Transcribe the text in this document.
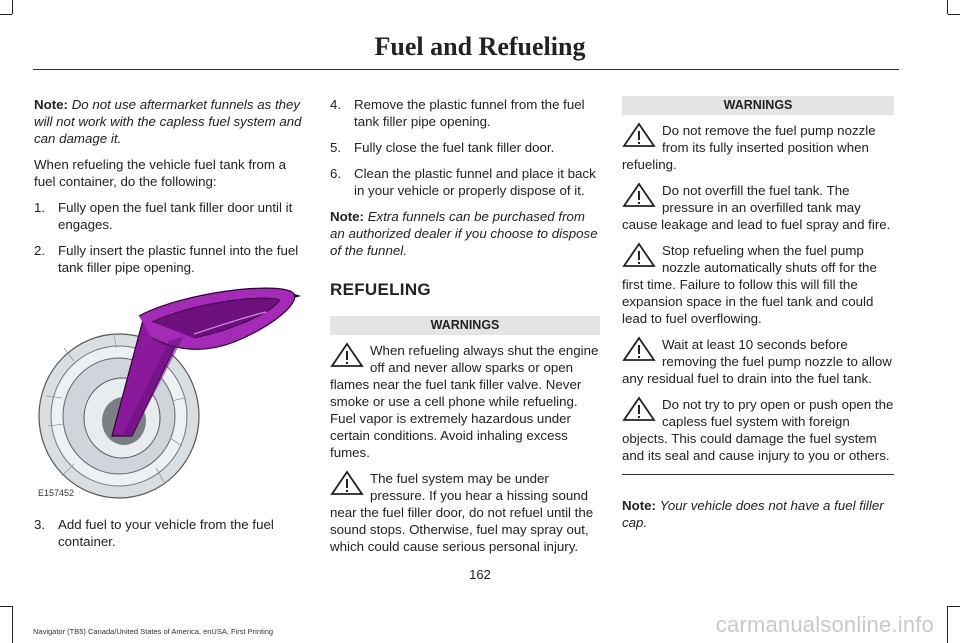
Fuel and Refueling

Note: Do not use aftermarket funnels as they will not work with the capless fuel system and can damage it.

When refueling the vehicle fuel tank from a fuel container, do the following:

1. Fully open the fuel tank filler door until it engages.
2. Fully insert the plastic funnel into the fuel tank filler pipe opening.
E157452
3. Add fuel to your vehicle from the fuel container.
4. Remove the plastic funnel from the fuel tank filler pipe opening.
5. Fully close the fuel tank filler door.
6. Clean the plastic funnel and place it back in your vehicle or properly dispose of it.

Note: Extra funnels can be purchased from an authorized dealer if you choose to dispose of the funnel.

REFUELING
WARNINGS
When refueling always shut the engine off and never allow sparks or open flames near the fuel tank filler valve. Never smoke or use a cell phone while refueling. Fuel vapor is extremely hazardous under certain conditions. Avoid inhaling excess fumes.
The fuel system may be under pressure. If you hear a hissing sound near the fuel filler door, do not refuel until the sound stops. Otherwise, fuel may spray out, which could cause serious personal injury.
WARNINGS
Do not remove the fuel pump nozzle from its fully inserted position when refueling.
Do not overfill the fuel tank. The pressure in an overfilled tank may cause leakage and lead to fuel spray and fire.
Stop refueling when the fuel pump nozzle automatically shuts off for the first time. Failure to follow this will fill the expansion space in the fuel tank and could lead to fuel overflowing.
Wait at least 10 seconds before removing the fuel pump nozzle to allow any residual fuel to drain into the fuel tank.
Do not try to pry open or push open the capless fuel system with foreign objects. This could damage the fuel system and its seal and cause injury to you or others.

Note: Your vehicle does not have a fuel filler cap.

162
Navigator (TB5) Canada/United States of America, enUSA, First Printing	carmanualsonline.info
